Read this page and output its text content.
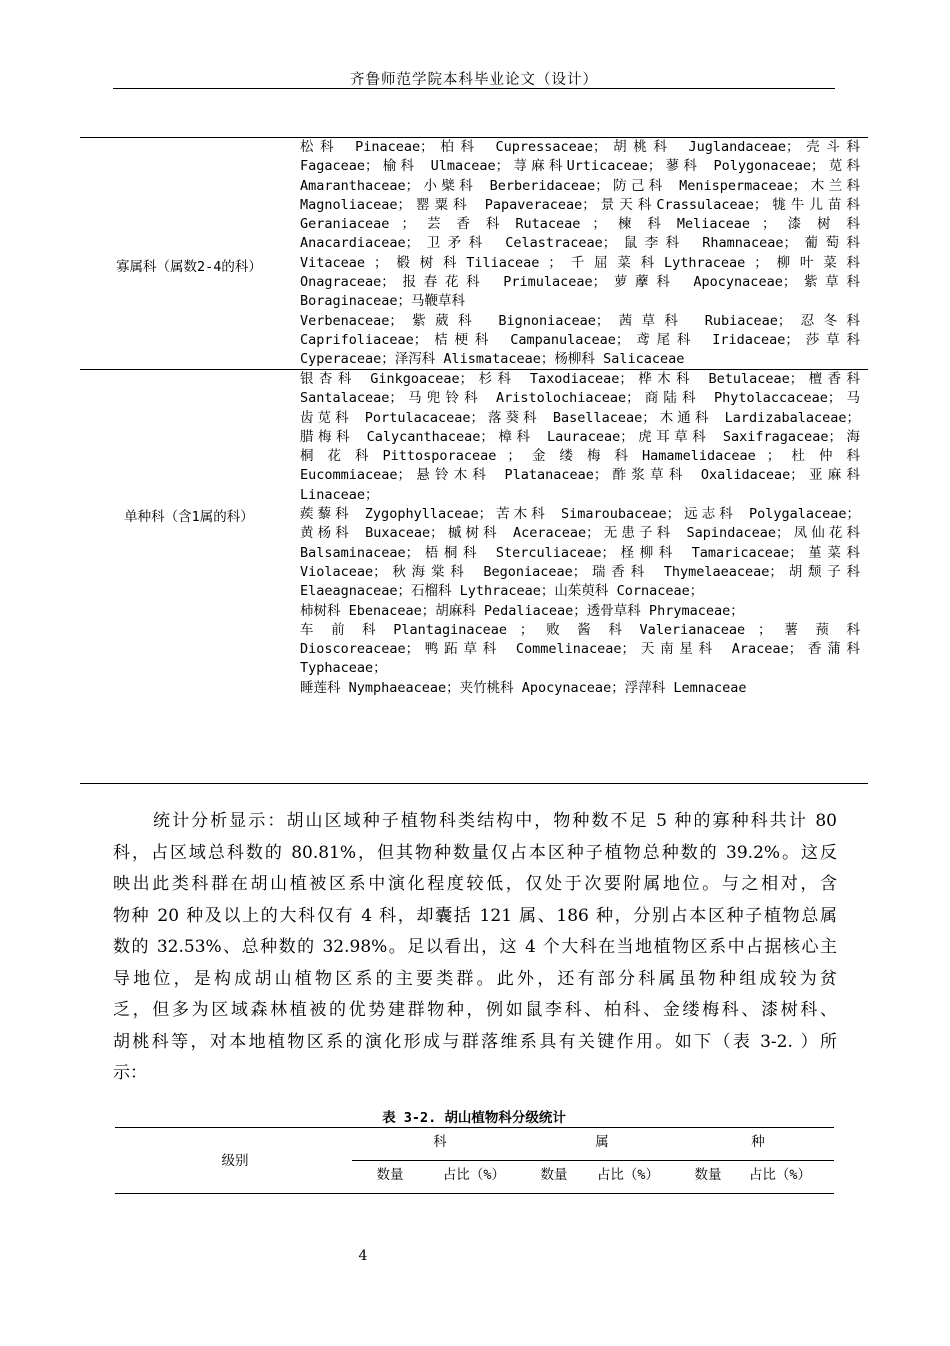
齐鲁师范学院本科毕业论文（设计）
寡属科（属数2-4的科）
松科 Pinaceae；柏科 Cupressaceae；胡桃科 Juglandaceae；壳斗科
Fagaceae；榆科 Ulmaceae；荨麻科Urticaceae；蓼科 Polygonaceae；苋科
Amaranthaceae；小檗科 Berberidaceae；防己科 Menispermaceae；木兰科
Magnoliaceae；罂粟科 Papaveraceae；景天科Crassulaceae；牻牛儿苗科
Geraniaceae ； 芸 香 科 Rutaceae ； 楝 科 Meliaceae ； 漆 树 科
Anacardiaceae；卫矛科 Celastraceae；鼠李科 Rhamnaceae；葡萄科
Vitaceae ； 椴 树 科 Tiliaceae ； 千 屈 菜 科 Lythraceae ； 柳 叶 菜 科
Onagraceae；报春花科 Primulaceae；萝藦科 Apocynaceae；紫草科
Boraginaceae；马鞭草科
Verbenaceae；紫葳科 Bignoniaceae；茜草科 Rubiaceae；忍冬科
Caprifoliaceae；桔梗科 Campanulaceae；鸢尾科 Iridaceae；莎草科
Cyperaceae；泽泻科 Alismataceae；杨柳科 Salicaceae
单种科（含1属的科）
银杏科 Ginkgoaceae；杉科 Taxodiaceae；桦木科 Betulaceae；檀香科
Santalaceae；马兜铃科 Aristolochiaceae；商陆科 Phytolaccaceae；马
齿苋科 Portulacaceae；落葵科 Basellaceae；木通科 Lardizabalaceae；
腊梅科 Calycanthaceae；樟科 Lauraceae；虎耳草科 Saxifragaceae；海
桐 花 科 Pittosporaceae ； 金 缕 梅 科 Hamamelidaceae ； 杜 仲 科
Eucommiaceae；悬铃木科 Platanaceae；酢浆草科 Oxalidaceae；亚麻科
Linaceae；
蒺藜科 Zygophyllaceae；苦木科 Simaroubaceae；远志科 Polygalaceae；
黄杨科 Buxaceae；槭树科 Aceraceae；无患子科 Sapindaceae；凤仙花科
Balsaminaceae；梧桐科 Sterculiaceae；柽柳科 Tamaricaceae；堇菜科
Violaceae；秋海棠科 Begoniaceae；瑞香科 Thymelaeaceae；胡颓子科
Elaeagnaceae；石榴科 Lythraceae；山茱萸科 Cornaceae；
柿树科 Ebenaceae；胡麻科 Pedaliaceae；透骨草科 Phrymaceae；
车 前 科 Plantaginaceae ； 败 酱 科 Valerianaceae ； 薯 蓣 科
Dioscoreaceae；鸭跖草科 Commelinaceae；天南星科 Araceae；香蒲科
Typhaceae；
睡莲科 Nymphaeaceae；夹竹桃科 Apocynaceae；浮萍科 Lemnaceae
统计分析显示：胡山区域种子植物科类结构中，物种数不足 5 种的寡种科共计 80
科，占区域总科数的 80.81%，但其物种数量仅占本区种子植物总种数的 39.2%。这反
映出此类科群在胡山植被区系中演化程度较低，仅处于次要附属地位。与之相对，含
物种 20 种及以上的大科仅有 4 科，却囊括 121 属、186 种，分别占本区种子植物总属
数的 32.53%、总种数的 32.98%。足以看出，这 4 个大科在当地植物区系中占据核心主
导地位，是构成胡山植物区系的主要类群。此外，还有部分科属虽物种组成较为贫
乏，但多为区域森林植被的优势建群物种，例如鼠李科、柏科、金缕梅科、漆树科、
胡桃科等，对本地植物区系的演化形成与群落维系具有关键作用。如下（表 3-2. ）所
示：
表 3-2. 胡山植物科分级统计
级别
科	属	种
数量	占比（%）	数量	占比（%）	数量	占比（%）
4
